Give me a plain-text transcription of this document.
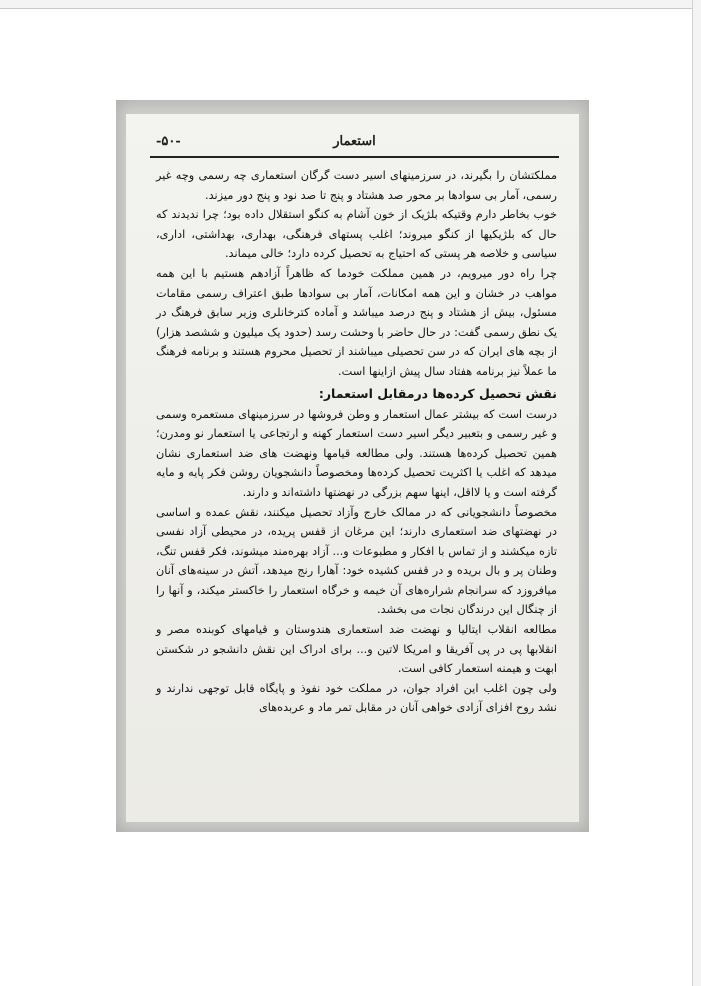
-۵۰-	استعمار

مملکتشان را بگیرند، در سرزمینهای اسیر دست گرگان استعماری چه رسمی وچه غیر رسمی، آمار بی سوادها بر محور صد هشتاد و پنج تا صد نود و پنج دور میزند.

خوب بخاطر دارم وقتیکه بلژیک از خون آشام به کنگو استقلال داده بود؛ چرا ندیدند که حال که بلژیکیها از کنگو میروند؛ اغلب پستهای فرهنگی، بهداری، بهداشتی، اداری، سیاسی و خلاصه هر پستی که احتیاج به تحصیل کرده دارد؛ خالی میماند.

چرا راه دور میرویم، در همین مملکت خودما که ظاهراً آزادهم هستیم با این همه مواهب در خشان و این همه امکانات، آمار بی سوادها طبق اعتراف رسمی مقامات مسئول، بیش از هشتاد و پنج درصد میباشد و آماده کترخانلری وزیر سابق فرهنگ در یک نطق رسمی گفت: در حال حاضر با وحشت رسد (حدود یک میلیون و ششصد هزار) از بچه های ایران که در سن تحصیلی میباشند از تحصیل محروم هستند و برنامه فرهنگ ما عملاً نیز برنامه هفتاد سال پیش ازاینها است.

نقش تحصیل کرده‌ها درمقابل استعمار:

درست است که بیشتر عمال استعمار و وطن فروشها در سرزمینهای مستعمره وسمی و غیر رسمی و بتعبیر دیگر اسیر دست استعمار کهنه و ارتجاعی یا استعمار نو ومدرن؛ همین تحصیل کرده‌ها هستند. ولی مطالعه قیامها ونهضت های ضد استعماری نشان میدهد که اغلب یا اکثریت تحصیل کرده‌ها ومخصوصاً دانشجویان روشن فکر پایه و مایه گرفته است و یا لااقل، اینها سهم بزرگی در نهضتها داشته‌اند و دارند.

مخصوصاً دانشجویانی که در ممالک خارج وآزاد تحصیل میکنند، نقش عمده و اساسی در نهضتهای ضد استعماری دارند؛ این مرغان از قفس پریده، در محیطی آزاد نفسی تازه میکشند و از تماس با افکار و مطبوعات و... آزاد بهره‌مند میشوند، فکر قفس تنگ، وطنان پر و بال بریده و در قفس کشیده خود: آهارا رنج میدهد، آتش در سینه‌های آنان میافروزد که سرانجام شراره‌های آن خیمه و خرگاه استعمار را خاکستر میکند، و آنها را از چنگال این درندگان نجات می بخشد.

مطالعه انقلاب ایتالیا و نهضت ضد استعماری هندوستان و قیامهای کوبنده مصر و انقلابها پی در پی آفریقا و امریکا لاتین و... برای ادراک این نقش دانشجو در شکستن ابهت و هیمنه استعمار کافی است.

ولی چون اغلب این افراد جوان، در مملکت خود نفوذ و پایگاه قابل توجهی ندارند و نشد روح افزای آزادی خواهی آنان در مقابل تمر ماد و عربده‌های
